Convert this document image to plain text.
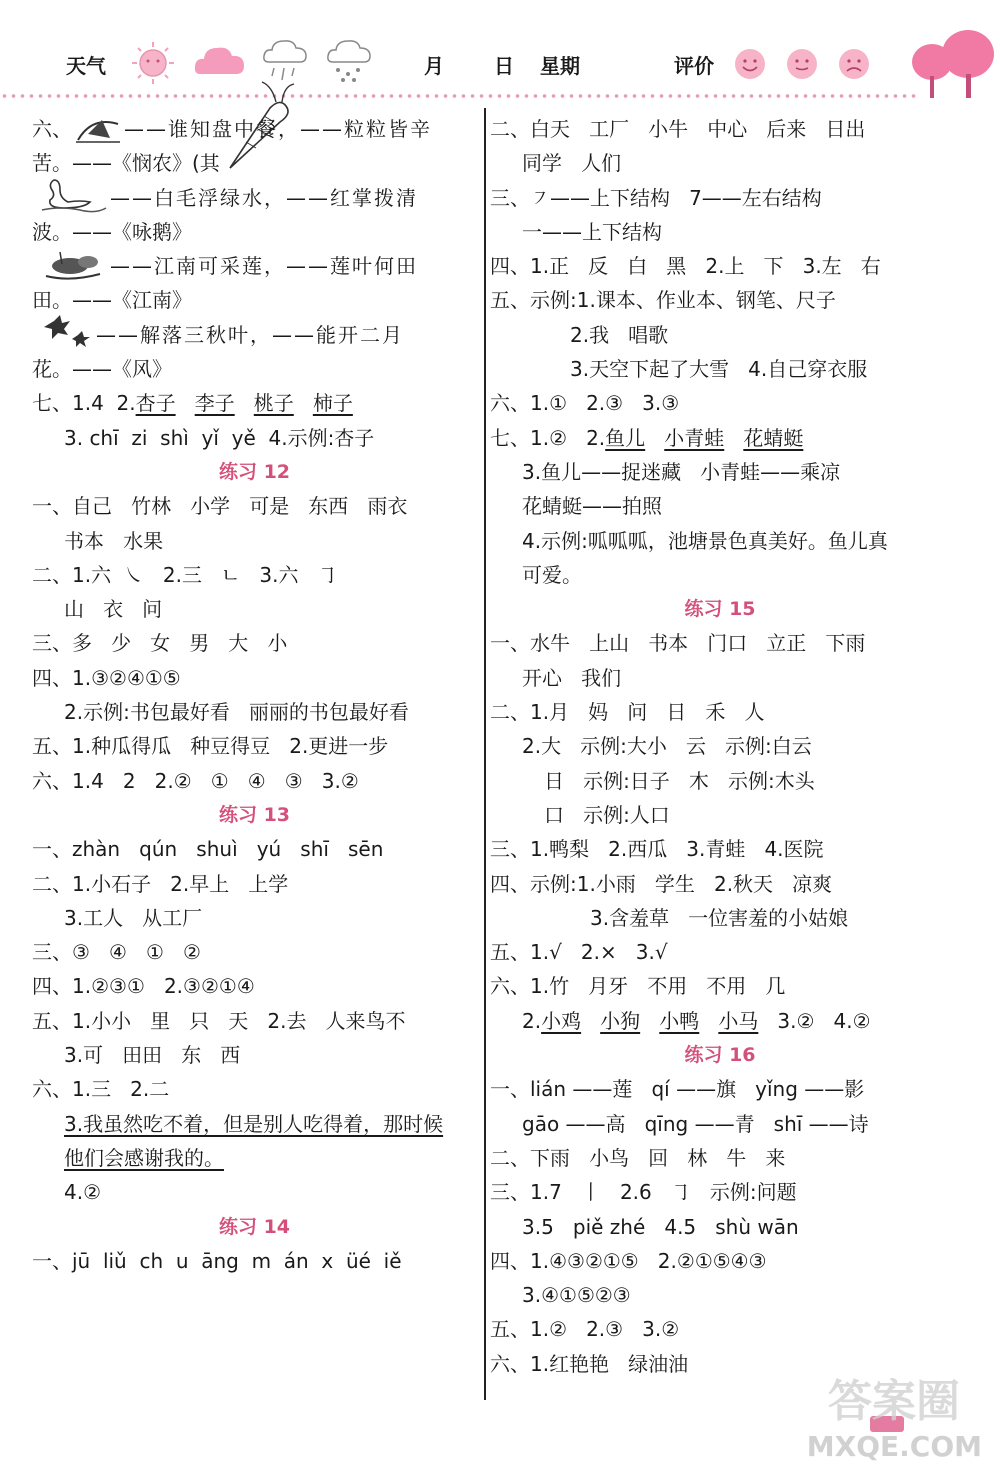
天气	月	日 星期	评价
六、	——谁知盘中餐，——粒粒皆辛
苦。——《悯农》(其
——白毛浮绿水，——红掌拨清
波。——《咏鹅》
——江南可采莲，——莲叶何田
田。——《江南》
——解落三秋叶，——能开二月
花。——《风》
七、1.4  2.杏子 李子 桃子 柿子
3. chī  zi  shì  yǐ  yě  4.示例:杏子
练习 12
一、自己   竹林   小学   可是   东西   雨衣
书本   水果
二、1.六  ㇏   2.三   ㄴ   3.六   ㇆
山   衣   问
三、多   少   女   男   大   小
四、1.③②④①⑤
2.示例:书包最好看   丽丽的书包最好看
五、1.种瓜得瓜   种豆得豆   2.更进一步
六、1.4   2   2.②   ①   ④   ③   3.②
练习 13
一、zhàn   qún   shuì   yú   shī   sēn
二、1.小石子   2.早上   上学
3.工人   从工厂
三、③   ④   ①   ②
四、1.②③①   2.③②①④
五、1.小小   里   只   天   2.去   人来鸟不
3.可   田田   东   西
六、1.三   2.二
3.我虽然吃不着，但是别人吃得着，那时候
他们会感谢我的。
4.②
练习 14
一、jū  liǔ  ch  u  āng  m  án  x  üé  iě
二、白天   工厂   小牛   中心   后来   日出
同学   人们
三、㇇——上下结构   7——左右结构
一——上下结构
四、1.正   反   白   黑   2.上   下   3.左   右
五、示例:1.课本、作业本、钢笔、尺子
2.我   唱歌
3.天空下起了大雪   4.自己穿衣服
六、1.①   2.③   3.③
七、1.②   2.鱼儿 小青蛙 花蜻蜓
3.鱼儿——捉迷藏   小青蛙——乘凉
花蜻蜓——拍照
4.示例:呱呱呱，池塘景色真美好。鱼儿真
可爱。
练习 15
一、水牛   上山   书本   门口   立正   下雨
开心   我们
二、1.月   妈   问   日   禾   人
2.大   示例:大小   云   示例:白云
日   示例:日子   木   示例:木头
口   示例:人口
三、1.鸭梨   2.西瓜   3.青蛙   4.医院
四、示例:1.小雨   学生   2.秋天   凉爽
3.含羞草   一位害羞的小姑娘
五、1.√   2.×   3.√
六、1.竹   月牙   不用   不用   几
2.小鸡 小狗 小鸭 小马 3.②   4.②
练习 16
一、lián ——莲   qí ——旗   yǐng ——影
gāo ——高   qīng ——青   shī ——诗
二、下雨   小鸟   回   林   牛   来
三、1.7   丨   2.6   ㇆   示例:问题
3.5   piě zhé   4.5   shù wān
四、1.④③②①⑤   2.②①⑤④③
3.④①⑤②③
五、1.②   2.③   3.②
六、1.红艳艳   绿油油
答案圈
MXQE.COM
